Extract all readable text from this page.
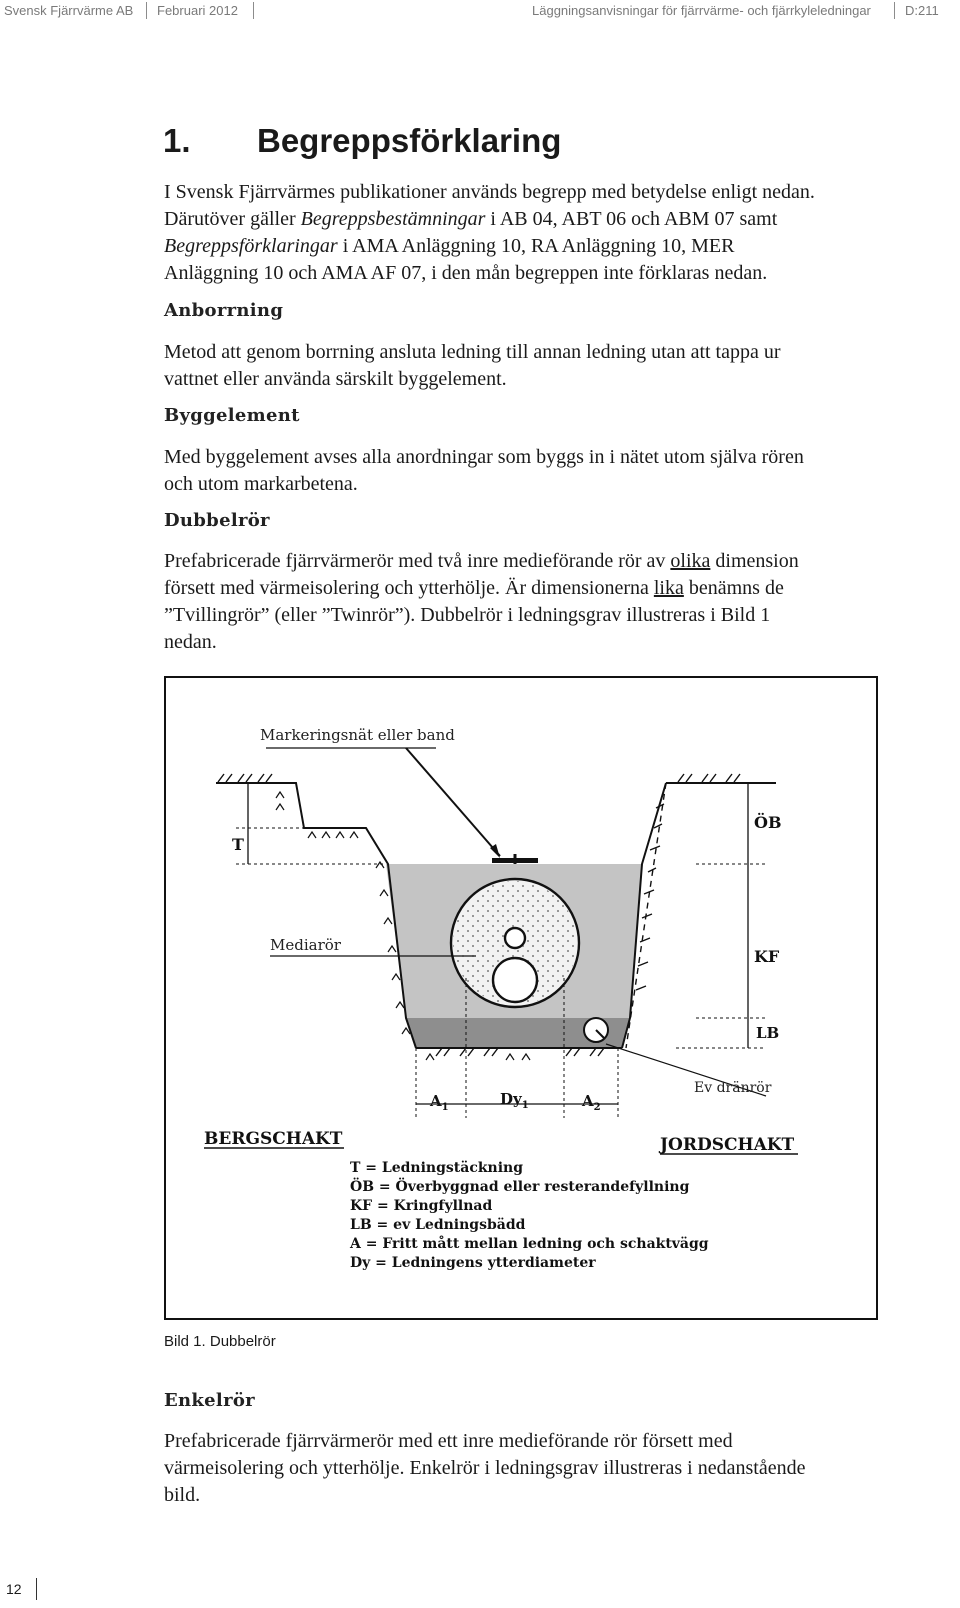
Svensk Fjärrvärme AB Februari 2012	Läggningsanvisningar för fjärrvärme- och fjärrkyleledningar	D:211
1. Begreppsförklaring

I Svensk Fjärrvärmes publikationer används begrepp med betydelse enligt nedan.

Därutöver gäller Begreppsbestämningar i AB 04, ABT 06 och ABM 07 samt

Begreppsförklaringar i AMA Anläggning 10, RA Anläggning 10, MER

Anläggning 10 och AMA AF 07, i den mån begreppen inte förklaras nedan.

Anborrning

Metod att genom borrning ansluta ledning till annan ledning utan att tappa ur

vattnet eller använda särskilt byggelement.

Byggelement

Med byggelement avses alla anordningar som byggs in i nätet utom själva rören

och utom markarbetena.

Dubbelrör

Prefabricerade fjärrvärmerör med två inre medieförande rör av olika dimension

försett med värmeisolering och ytterhölje. Är dimensionerna lika benämns de

”Tvillingrör” (eller ”Twinrör”). Dubbelrör i ledningsgrav illustreras i Bild 1

nedan.

Markeringsnät eller band
Mediarör
T
ÖB
KF
LB
$A_1$	$Dy_1$	$A_2$
Ev dränrör
BERGSCHAKT	JORDSCHAKT
T = Ledningstäckning
ÖB = Överbyggnad eller resterandefyllning
KF = Kringfyllnad
LB = ev Ledningsbädd
A = Fritt mått mellan ledning och schaktvägg
Dy = Ledningens ytterdiameter
Bild 1. Dubbelrör

Enkelrör

Prefabricerade fjärrvärmerör med ett inre medieförande rör försett med

värmeisolering och ytterhölje. Enkelrör i ledningsgrav illustreras i nedanstående

bild.

12
